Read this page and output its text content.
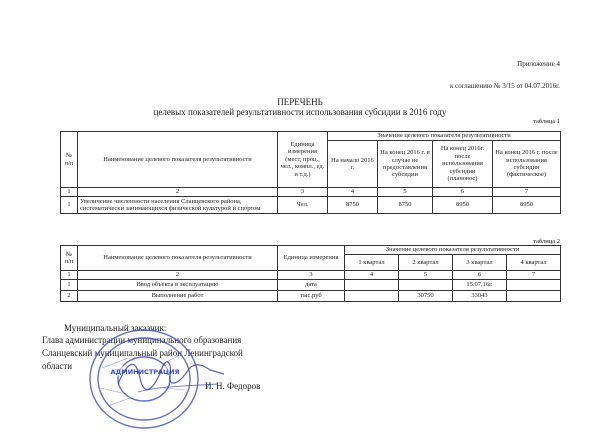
Приложение 4
к соглашению № 3/15 от 04.07.2016г.
ПЕРЕЧЕНЬ
целевых показателей результативности использования субсидии в 2016 году
таблица 1
№ п/п	Наименование целевого показателя результативности	Единица измерения (мест, проц., чел., компл., ед. и т.д.)	Значение целевого показателя результативности			
			На начало 2016 г.	На конец 2016 г. в случае не предоставления субсидии	На конец 2016г. после использования субсидии (плановое)	На конец 2016 г. после использования субсидии (фактическое)
1	2	3	4	5	6	7
1	Увеличение численности населения Сланцевского района, систематически занимающихся физической культурой и спортом	Чел.	8750	8750	8950	8950
таблица 2
№ п/п	Наименование целевого показателя результативности	Единица измерения	Значение целевого показателя результативности			
			1 квартал	2 квартал	3 квартал	4 квартал
1	2	3	4	5	6	7
1	Ввод объекта в эксплуатацию	дата			15.07.16г.	
2	Выполнение работ	тыс.руб		30750	33043	
Муниципальный заказчик:
Глава администрации муниципального образования
Сланцевский муниципальный район Ленинградской
области
И. Н. Федоров
АДМИНИСТРАЦИЯ
